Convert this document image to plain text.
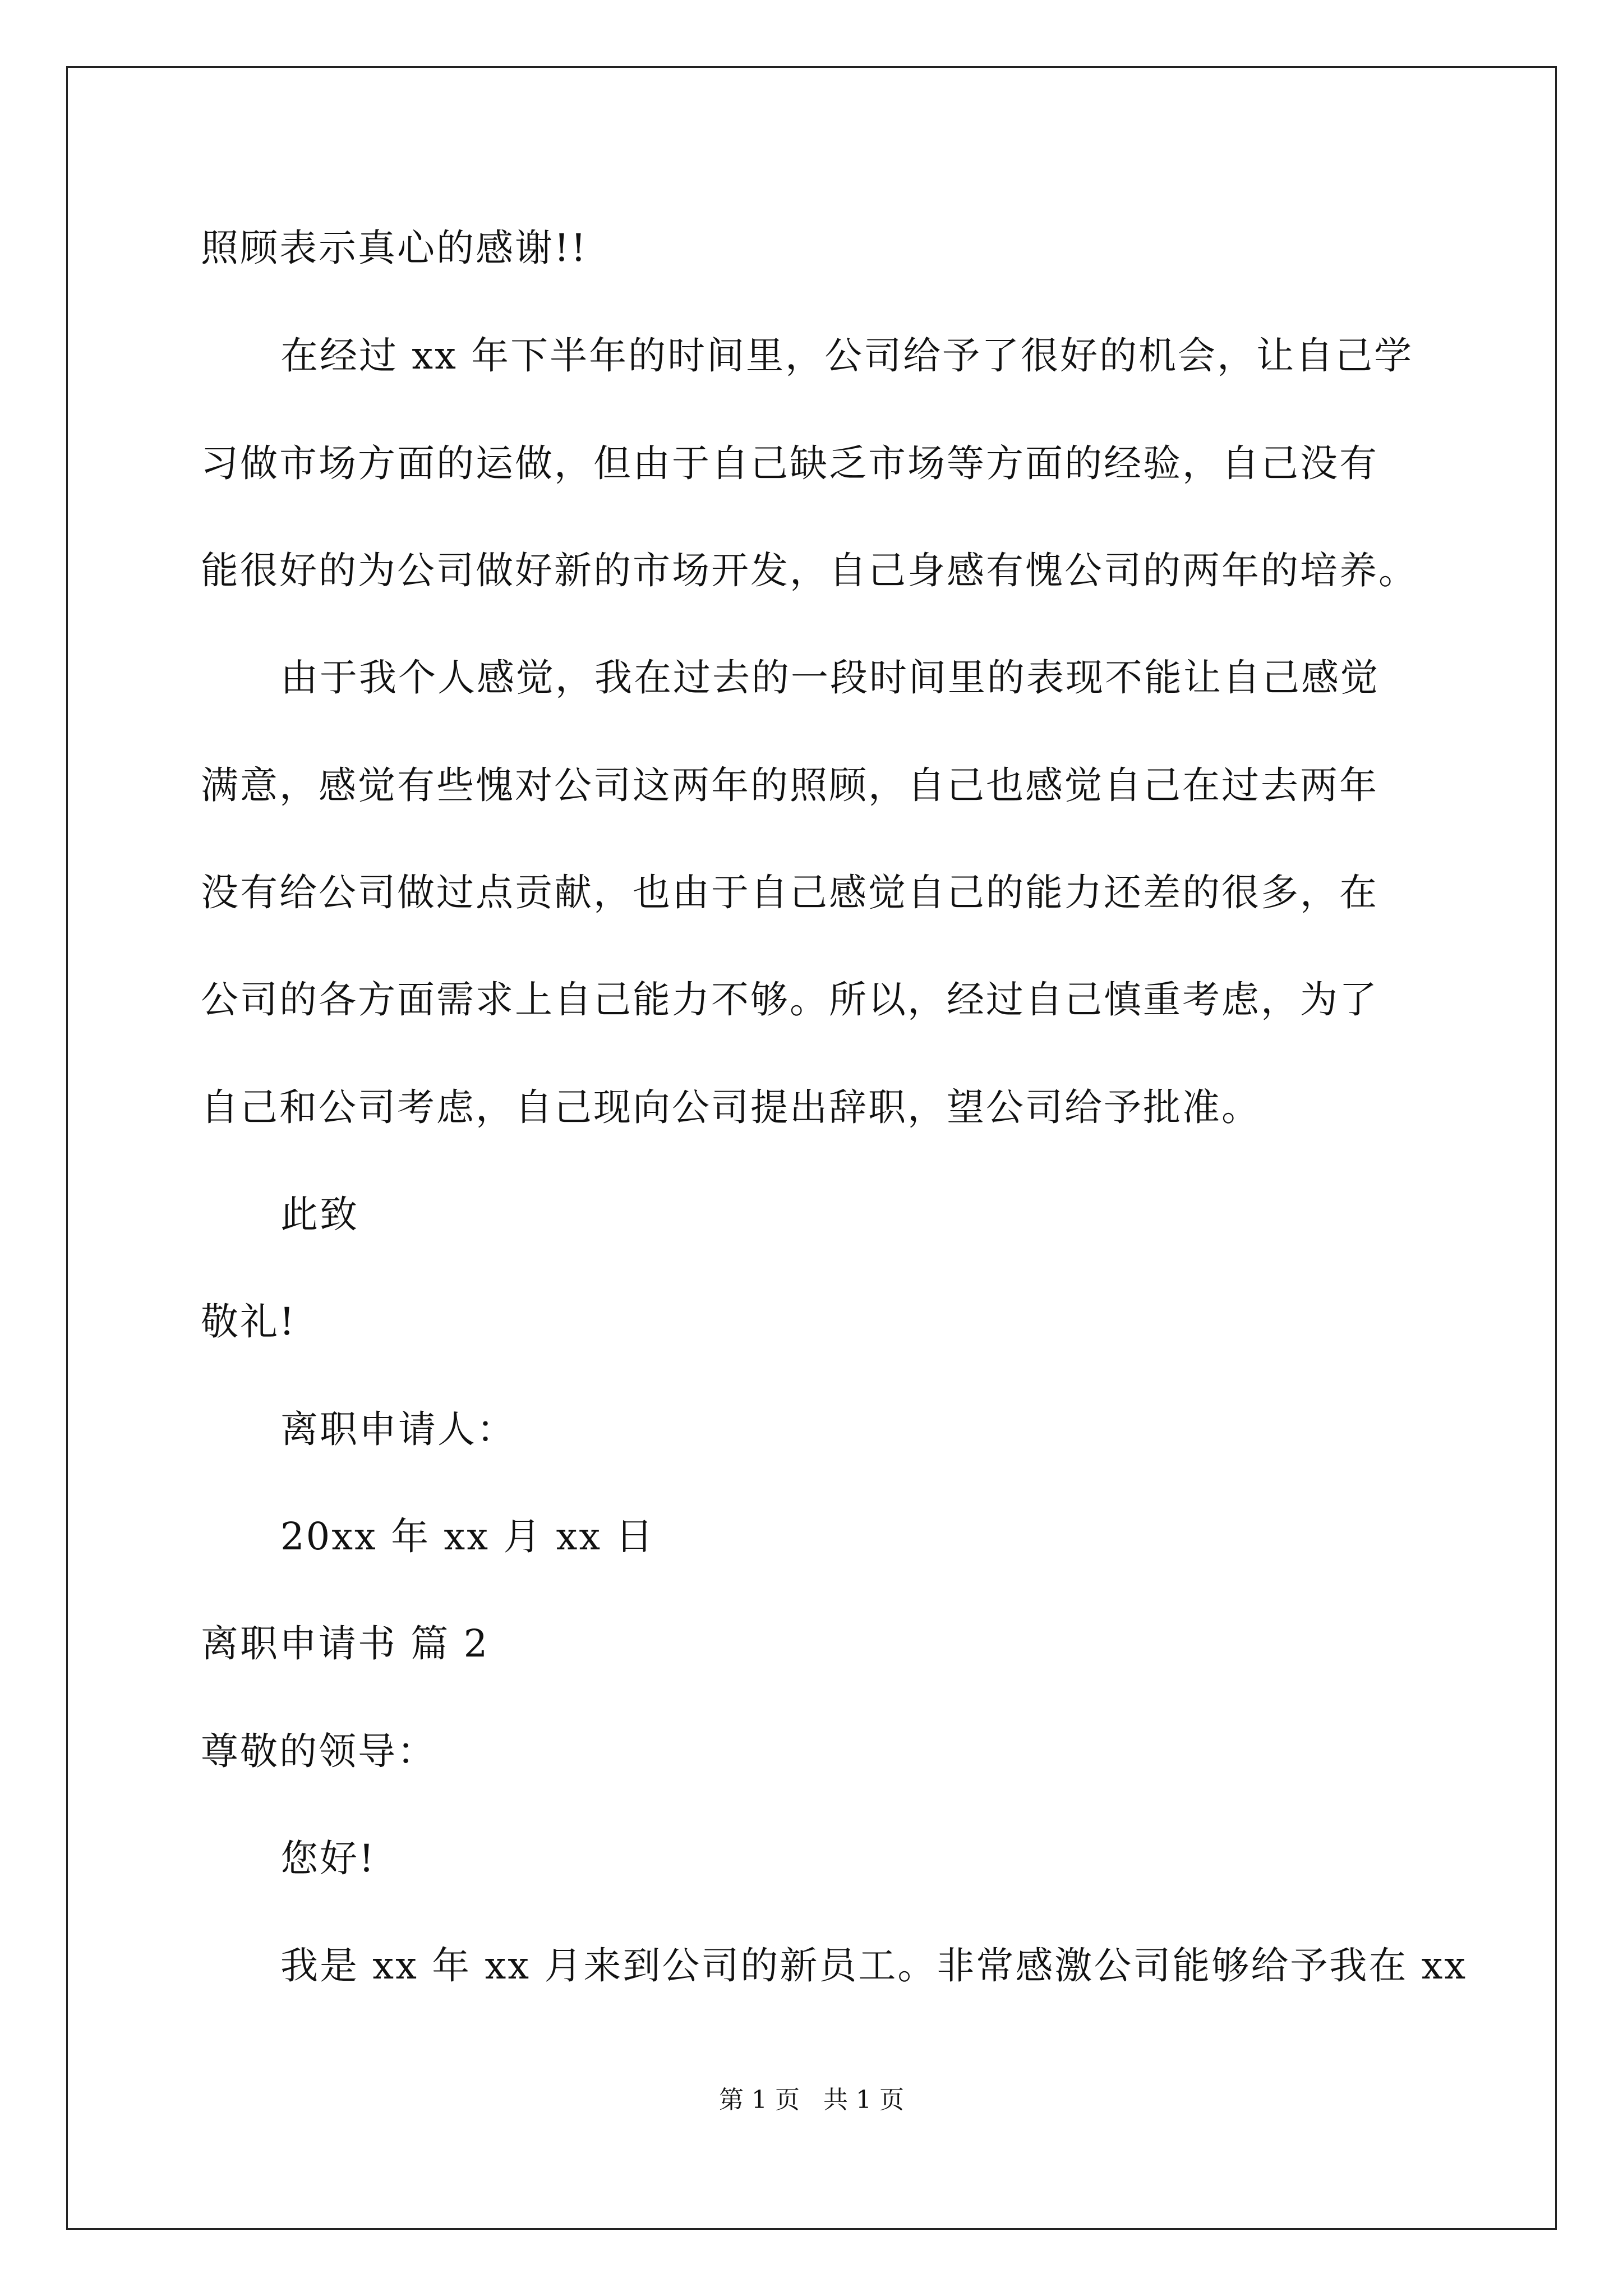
照顾表示真心的感谢!!
在经过 xx 年下半年的时间里，公司给予了很好的机会，让自己学
习做市场方面的运做，但由于自己缺乏市场等方面的经验，自己没有
能很好的为公司做好新的市场开发，自己身感有愧公司的两年的培养。
由于我个人感觉，我在过去的一段时间里的表现不能让自己感觉
满意，感觉有些愧对公司这两年的照顾，自己也感觉自己在过去两年
没有给公司做过点贡献，也由于自己感觉自己的能力还差的很多，在
公司的各方面需求上自己能力不够。所以，经过自己慎重考虑，为了
自己和公司考虑，自己现向公司提出辞职，望公司给予批准。
此致
敬礼!
离职申请人：
20xx 年 xx 月 xx 日
离职申请书 篇 2
尊敬的领导：
您好!
我是 xx 年 xx 月来到公司的新员工。非常感激公司能够给予我在 xx
第 1 页   共 1 页
